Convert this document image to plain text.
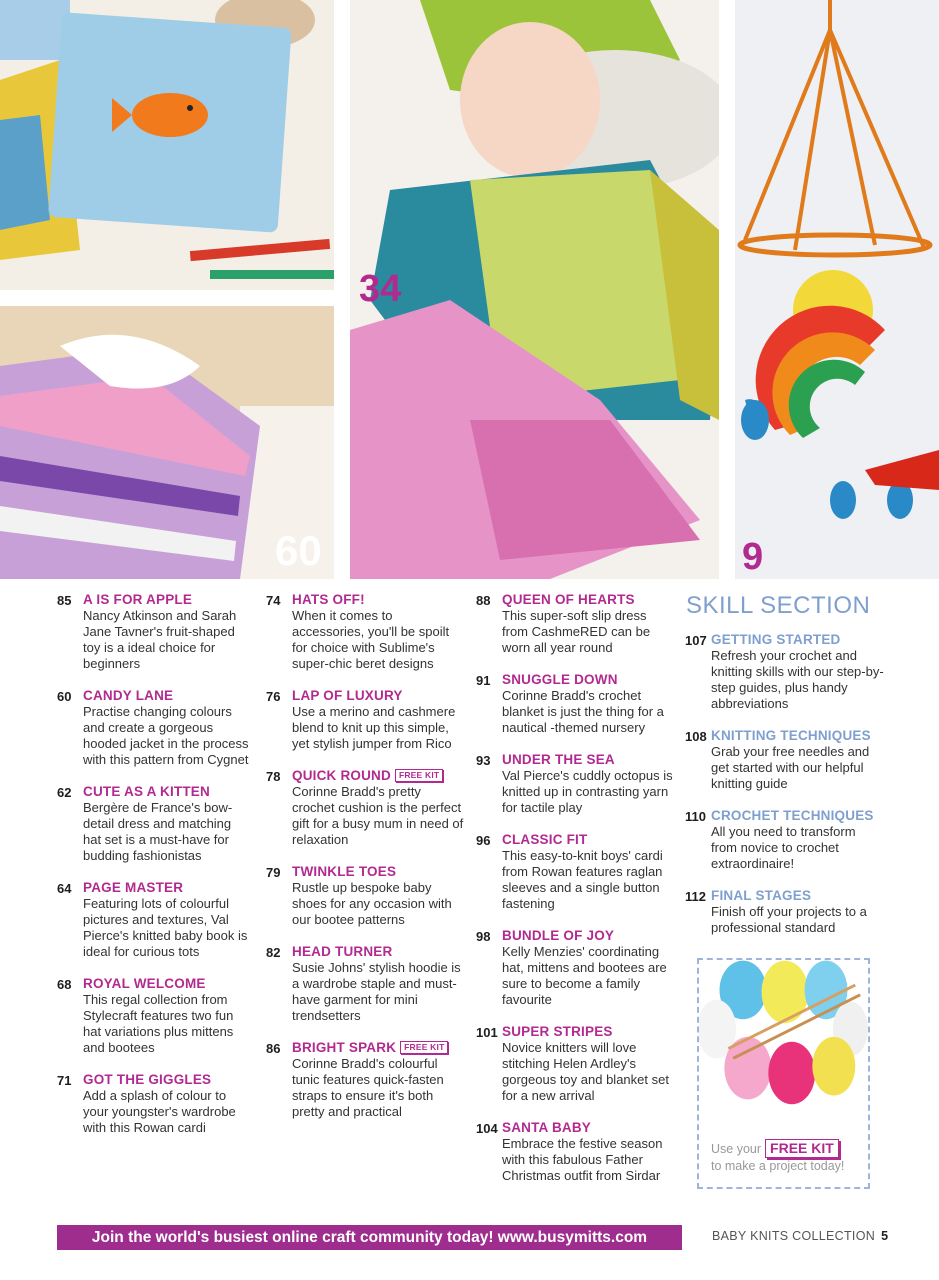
60
34
9
85 A IS FOR APPLE
Nancy Atkinson and Sarah Jane Tavner's fruit-shaped toy is a ideal choice for beginners
60 CANDY LANE
Practise changing colours and create a gorgeous hooded jacket in the process with this pattern from Cygnet
62 CUTE AS A KITTEN
Bergère de France's bow-detail dress and matching hat set is a must-have for budding fashionistas
64 PAGE MASTER
Featuring lots of colourful pictures and textures, Val Pierce's knitted baby book is ideal for curious tots
68 ROYAL WELCOME
This regal collection from Stylecraft features two fun hat variations plus mittens and bootees
71 GOT THE GIGGLES
Add a splash of colour to your youngster's wardrobe with this Rowan cardi
74 HATS OFF!
When it comes to accessories, you'll be spoilt for choice with Sublime's super-chic beret designs
76 LAP OF LUXURY
Use a merino and cashmere blend to knit up this simple, yet stylish jumper from Rico
78 QUICK ROUND FREE KIT
Corinne Bradd's pretty crochet cushion is the perfect gift for a busy mum in need of relaxation
79 TWINKLE TOES
Rustle up bespoke baby shoes for any occasion with our bootee patterns
82 HEAD TURNER
Susie Johns' stylish hoodie is a wardrobe staple and must-have garment for mini trendsetters
86 BRIGHT SPARK FREE KIT
Corinne Bradd's colourful tunic features quick-fasten straps to ensure it's both pretty and practical
88 QUEEN OF HEARTS
This super-soft slip dress from CashmeRED can be worn all year round
91 SNUGGLE DOWN
Corinne Bradd's crochet blanket is just the thing for a nautical -themed nursery
93 UNDER THE SEA
Val Pierce's cuddly octopus is knitted up in contrasting yarn for tactile play
96 CLASSIC FIT
This easy-to-knit boys' cardi from Rowan features raglan sleeves and a single button fastening
98 BUNDLE OF JOY
Kelly Menzies' coordinating hat, mittens and bootees are sure to become a family favourite
101 SUPER STRIPES
Novice knitters will love stitching Helen Ardley's gorgeous toy and blanket set for a new arrival
104 SANTA BABY
Embrace the festive season with this fabulous Father Christmas outfit from Sirdar
SKILL SECTION
107 GETTING STARTED
Refresh your crochet and knitting skills with our step-by-step guides, plus handy abbreviations
108 KNITTING TECHNIQUES
Grab your free needles and get started with our helpful knitting guide
110 CROCHET TECHNIQUES
All you need to transform from novice to crochet extraordinaire!
112 FINAL STAGES
Finish off your projects to a professional standard
Use your FREE KIT
to make a project today!
Join the world's busiest online craft community today! www.busymitts.com	BABY KNITS COLLECTION 5
